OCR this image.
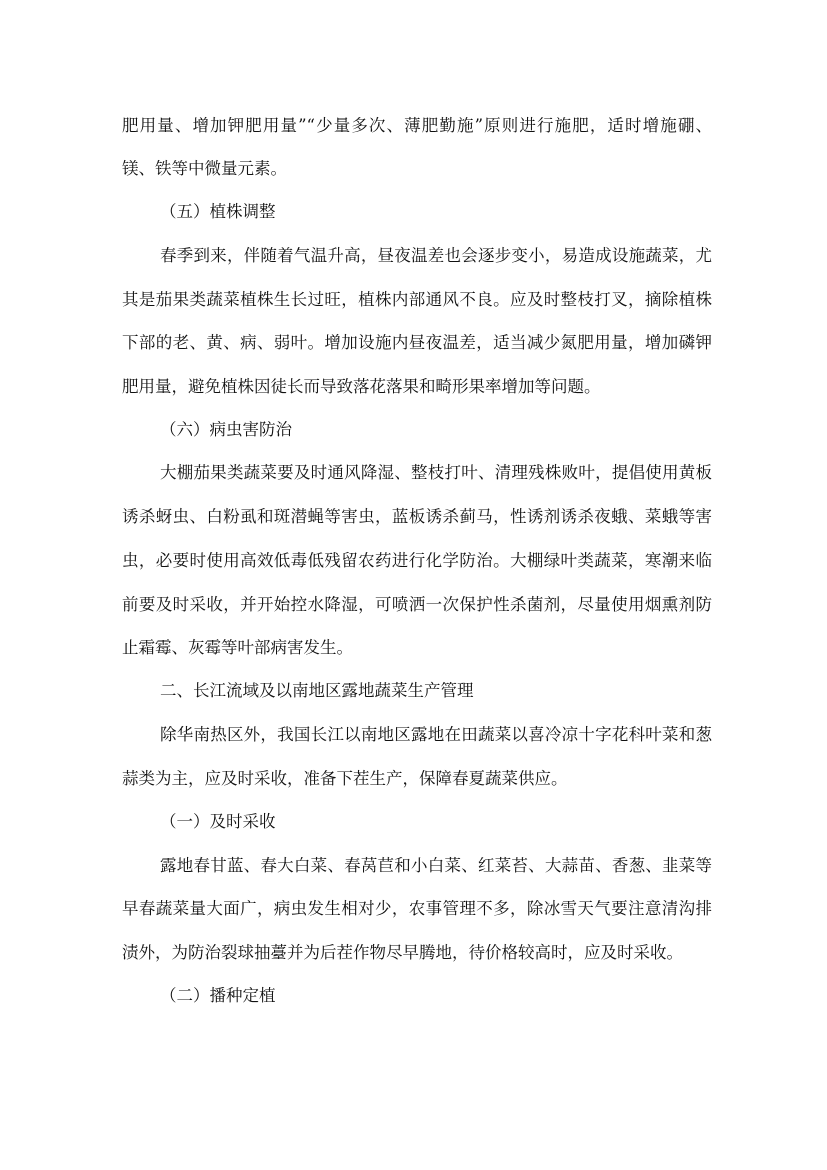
肥用量、增加钾肥用量”“少量多次、薄肥勤施”原则进行施肥，适时增施硼、
镁、铁等中微量元素。
（五）植株调整
春季到来，伴随着气温升高，昼夜温差也会逐步变小，易造成设施蔬菜，尤
其是茄果类蔬菜植株生长过旺，植株内部通风不良。应及时整枝打叉，摘除植株
下部的老、黄、病、弱叶。增加设施内昼夜温差，适当减少氮肥用量，增加磷钾
肥用量，避免植株因徒长而导致落花落果和畸形果率增加等问题。
（六）病虫害防治
大棚茄果类蔬菜要及时通风降湿、整枝打叶、清理残株败叶，提倡使用黄板
诱杀蚜虫、白粉虱和斑潜蝇等害虫，蓝板诱杀蓟马，性诱剂诱杀夜蛾、菜蛾等害
虫，必要时使用高效低毒低残留农药进行化学防治。大棚绿叶类蔬菜，寒潮来临
前要及时采收，并开始控水降湿，可喷洒一次保护性杀菌剂，尽量使用烟熏剂防
止霜霉、灰霉等叶部病害发生。
二、长江流域及以南地区露地蔬菜生产管理
除华南热区外，我国长江以南地区露地在田蔬菜以喜冷凉十字花科叶菜和葱
蒜类为主，应及时采收，准备下茬生产，保障春夏蔬菜供应。
（一）及时采收
露地春甘蓝、春大白菜、春莴苣和小白菜、红菜苔、大蒜苗、香葱、韭菜等
早春蔬菜量大面广，病虫发生相对少，农事管理不多，除冰雪天气要注意清沟排
渍外，为防治裂球抽薹并为后茬作物尽早腾地，待价格较高时，应及时采收。
（二）播种定植
